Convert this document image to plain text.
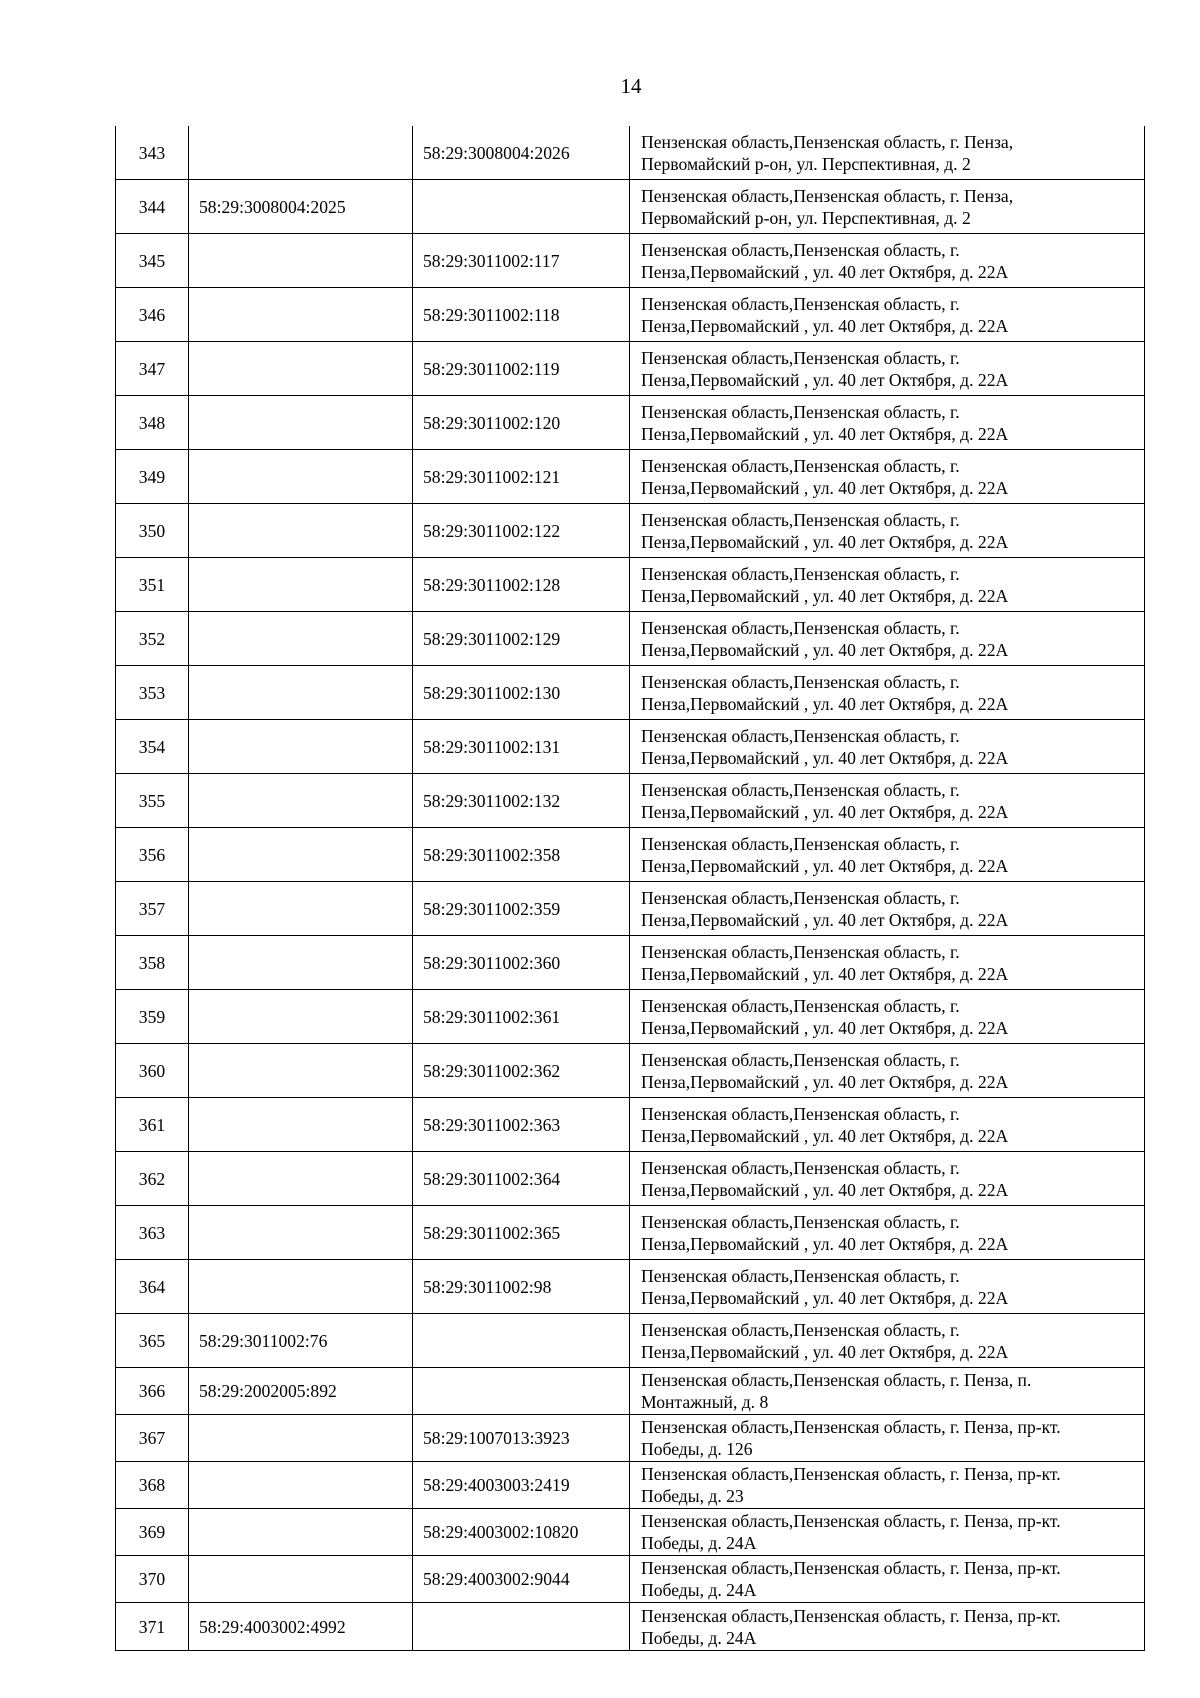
14
343		58:29:3008004:2026	Пензенская область,Пензенская область, г. Пенза,
Первомайский р-он, ул. Перспективная, д. 2

344	58:29:3008004:2025		Пензенская область,Пензенская область, г. Пенза,
Первомайский р-он, ул. Перспективная, д. 2

345		58:29:3011002:117	Пензенская область,Пензенская область, г.
Пенза,Первомайский , ул. 40 лет Октября, д. 22А

346		58:29:3011002:118	Пензенская область,Пензенская область, г.
Пенза,Первомайский , ул. 40 лет Октября, д. 22А

347		58:29:3011002:119	Пензенская область,Пензенская область, г.
Пенза,Первомайский , ул. 40 лет Октября, д. 22А

348		58:29:3011002:120	Пензенская область,Пензенская область, г.
Пенза,Первомайский , ул. 40 лет Октября, д. 22А

349		58:29:3011002:121	Пензенская область,Пензенская область, г.
Пенза,Первомайский , ул. 40 лет Октября, д. 22А

350		58:29:3011002:122	Пензенская область,Пензенская область, г.
Пенза,Первомайский , ул. 40 лет Октября, д. 22А

351		58:29:3011002:128	Пензенская область,Пензенская область, г.
Пенза,Первомайский , ул. 40 лет Октября, д. 22А

352		58:29:3011002:129	Пензенская область,Пензенская область, г.
Пенза,Первомайский , ул. 40 лет Октября, д. 22А

353		58:29:3011002:130	Пензенская область,Пензенская область, г.
Пенза,Первомайский , ул. 40 лет Октября, д. 22А

354		58:29:3011002:131	Пензенская область,Пензенская область, г.
Пенза,Первомайский , ул. 40 лет Октября, д. 22А

355		58:29:3011002:132	Пензенская область,Пензенская область, г.
Пенза,Первомайский , ул. 40 лет Октября, д. 22А

356		58:29:3011002:358	Пензенская область,Пензенская область, г.
Пенза,Первомайский , ул. 40 лет Октября, д. 22А

357		58:29:3011002:359	Пензенская область,Пензенская область, г.
Пенза,Первомайский , ул. 40 лет Октября, д. 22А

358		58:29:3011002:360	Пензенская область,Пензенская область, г.
Пенза,Первомайский , ул. 40 лет Октября, д. 22А

359		58:29:3011002:361	Пензенская область,Пензенская область, г.
Пенза,Первомайский , ул. 40 лет Октября, д. 22А

360		58:29:3011002:362	Пензенская область,Пензенская область, г.
Пенза,Первомайский , ул. 40 лет Октября, д. 22А

361		58:29:3011002:363	Пензенская область,Пензенская область, г.
Пенза,Первомайский , ул. 40 лет Октября, д. 22А

362		58:29:3011002:364	Пензенская область,Пензенская область, г.
Пенза,Первомайский , ул. 40 лет Октября, д. 22А

363		58:29:3011002:365	Пензенская область,Пензенская область, г.
Пенза,Первомайский , ул. 40 лет Октября, д. 22А

364		58:29:3011002:98	Пензенская область,Пензенская область, г.
Пенза,Первомайский , ул. 40 лет Октября, д. 22А

365	58:29:3011002:76		Пензенская область,Пензенская область, г.
Пенза,Первомайский , ул. 40 лет Октября, д. 22А

366	58:29:2002005:892		Пензенская область,Пензенская область, г. Пенза, п.
Монтажный, д. 8

367		58:29:1007013:3923	Пензенская область,Пензенская область, г. Пенза, пр-кт.
Победы, д. 126

368		58:29:4003003:2419	Пензенская область,Пензенская область, г. Пенза, пр-кт.
Победы, д. 23

369		58:29:4003002:10820	Пензенская область,Пензенская область, г. Пенза, пр-кт.
Победы, д. 24А

370		58:29:4003002:9044	Пензенская область,Пензенская область, г. Пенза, пр-кт.
Победы, д. 24А

371	58:29:4003002:4992		Пензенская область,Пензенская область, г. Пенза, пр-кт.
Победы, д. 24А
